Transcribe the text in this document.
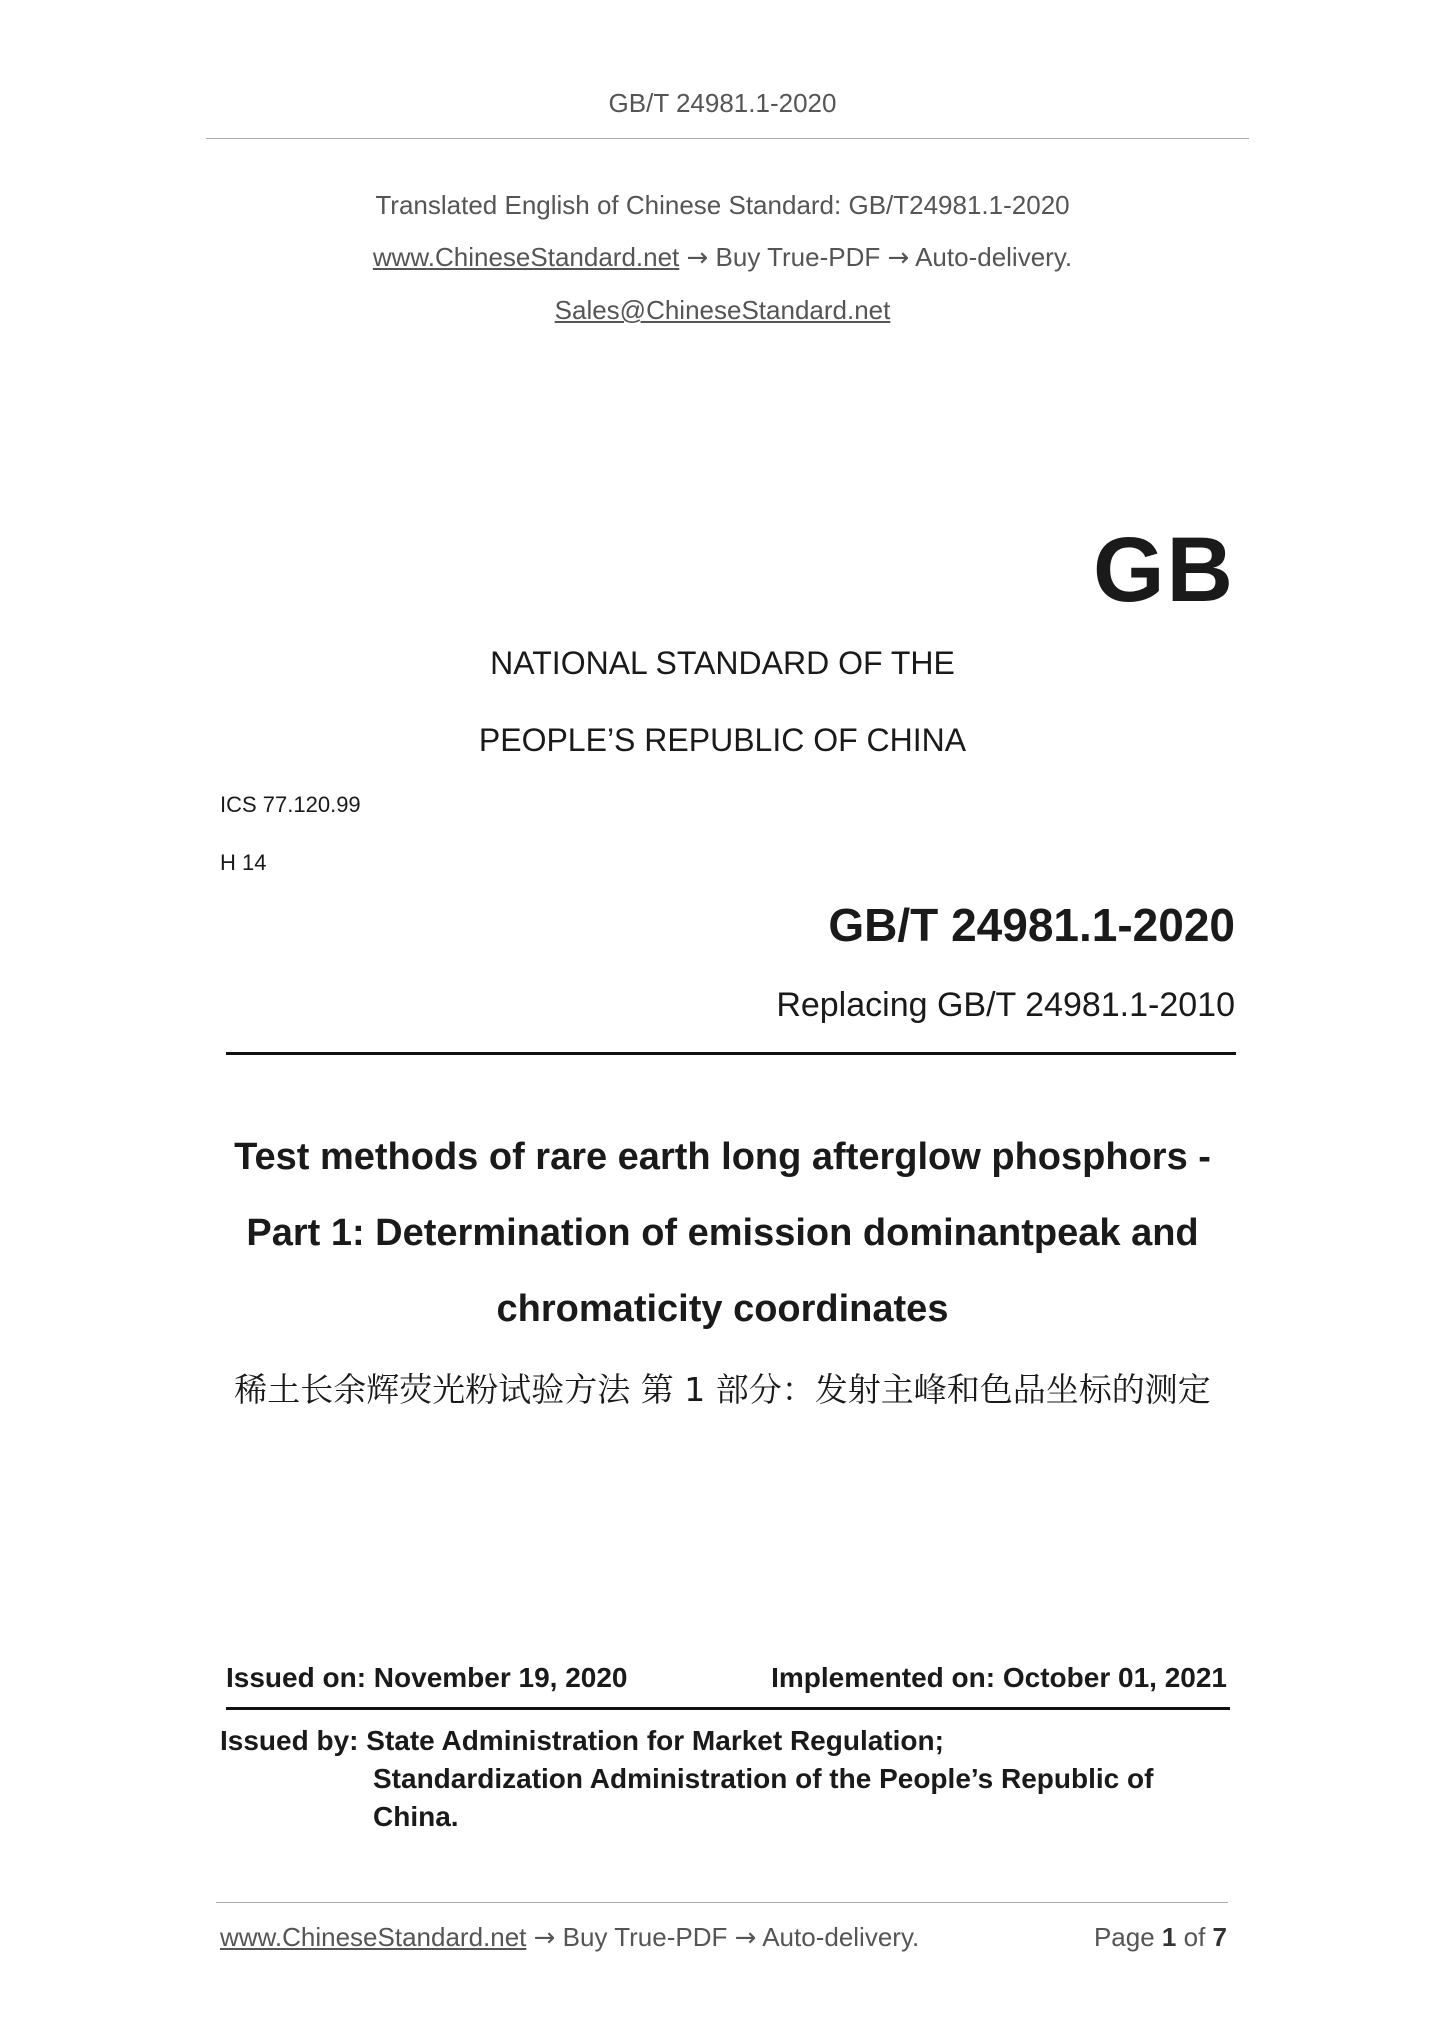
GB/T 24981.1-2020
Translated English of Chinese Standard: GB/T24981.1-2020
www.ChineseStandard.net → Buy True-PDF → Auto-delivery.
Sales@ChineseStandard.net
GB
NATIONAL STANDARD OF THE
PEOPLE’S REPUBLIC OF CHINA
ICS 77.120.99
H 14
GB/T 24981.1-2020
Replacing GB/T 24981.1-2010
Test methods of rare earth long afterglow phosphors -
Part 1: Determination of emission dominantpeak and
chromaticity coordinates
稀土长余辉荧光粉试验方法 第 1 部分：发射主峰和色品坐标的测定
Issued on: November 19, 2020	Implemented on: October 01, 2021
Issued by: State Administration for Market Regulation;
Standardization Administration of the People’s Republic of
China.
www.ChineseStandard.net → Buy True-PDF → Auto-delivery.	Page 1 of 7
